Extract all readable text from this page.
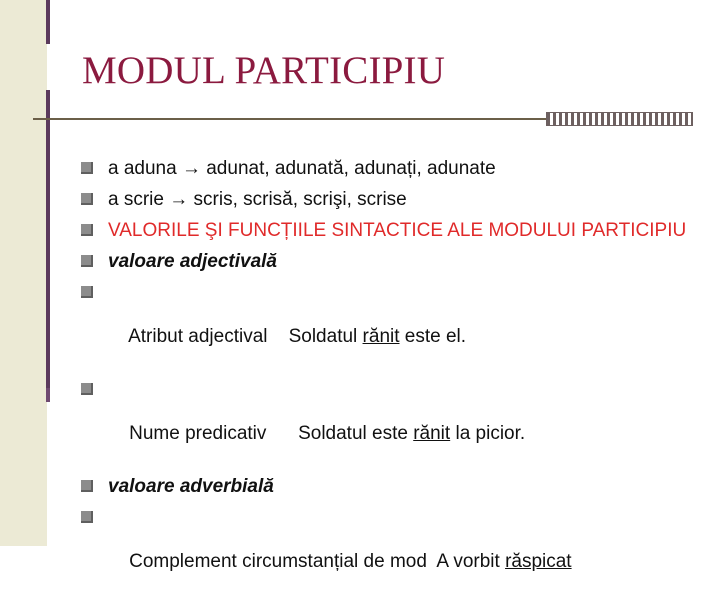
MODUL PARTICIPIU
a aduna → adunat, adunată, adunați, adunate
a scrie → scris, scrisă, scrişi, scrise
VALORILE ŞI FUNCȚIILE SINTACTICE ALE MODULUI PARTICIPIU
valoare adjectivală

Atribut adjectival    Soldatul rănit este el.

Nume predicativ      Soldatul este rănit la picior.

valoare adverbială

Complement circumstanțial de mod  A vorbit răspicat
